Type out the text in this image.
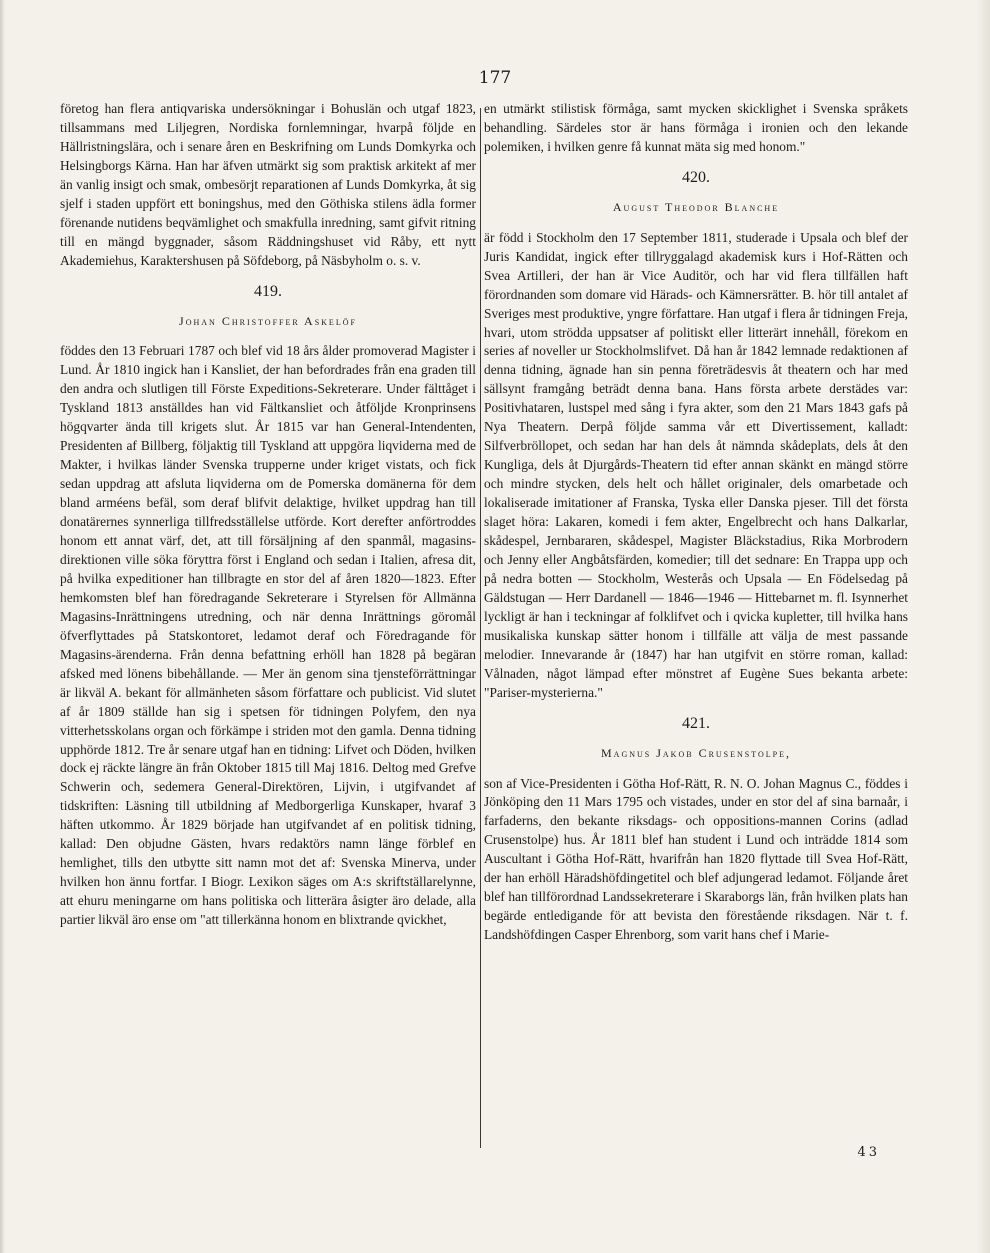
177

företog han flera antiqvariska undersökningar i Bohuslän och utgaf 1823, tillsammans med Liljegren, Nordiska fornlemningar, hvarpå följde en Hällristningslära, och i senare åren en Beskrifning om Lunds Domkyrka och Helsingborgs Kärna. Han har äfven utmärkt sig som praktisk arkitekt af mer än vanlig insigt och smak, ombesörjt reparationen af Lunds Domkyrka, åt sig sjelf i staden uppfört ett boningshus, med den Göthiska stilens ädla former förenande nutidens beqvämlighet och smakfulla inredning, samt gifvit ritning till en mängd byggnader, såsom Räddningshuset vid Råby, ett nytt Akademiehus, Karaktershusen på Söfdeborg, på Näsbyholm o. s. v.

419.
Johan Christoffer Askelöf

föddes den 13 Februari 1787 och blef vid 18 års ålder promoverad Magister i Lund. År 1810 ingick han i Kansliet, der han befordrades från ena graden till den andra och slutligen till Förste Expeditions-Sekreterare. Under fälttåget i Tyskland 1813 anställdes han vid Fältkansliet och åtföljde Kronprinsens högqvarter ända till krigets slut. År 1815 var han General-Intendenten, Presidenten af Billberg, följaktig till Tyskland att uppgöra liqviderna med de Makter, i hvilkas länder Svenska trupperne under kriget vistats, och fick sedan uppdrag att afsluta liqviderna om de Pomerska domänerna för dem bland arméens befäl, som deraf blifvit delaktige, hvilket uppdrag han till donatärernes synnerliga tillfredsställelse utförde. Kort derefter anförtroddes honom ett annat värf, det, att till försäljning af den spanmål, magasins-direktionen ville söka föryttra först i England och sedan i Italien, afresa dit, på hvilka expeditioner han tillbragte en stor del af åren 1820—1823. Efter hemkomsten blef han föredragande Sekreterare i Styrelsen för Allmänna Magasins-Inrättningens utredning, och när denna Inrättnings göromål öfverflyttades på Statskontoret, ledamot deraf och Föredragande för Magasins-ärenderna. Från denna befattning erhöll han 1828 på begäran afsked med lönens bibehållande. — Mer än genom sina tjensteförrättningar är likväl A. bekant för allmänheten såsom författare och publicist. Vid slutet af år 1809 ställde han sig i spetsen för tidningen Polyfem, den nya vitterhetsskolans organ och förkämpe i striden mot den gamla. Denna tidning upphörde 1812. Tre år senare utgaf han en tidning: Lifvet och Döden, hvilken dock ej räckte längre än från Oktober 1815 till Maj 1816. Deltog med Grefve Schwerin och, sedemera General-Direktören, Lijvin, i utgifvandet af tidskriften: Läsning till utbildning af Medborgerliga Kunskaper, hvaraf 3 häften utkommo. År 1829 började han utgifvandet af en politisk tidning, kallad: Den objudne Gästen, hvars redaktörs namn länge förblef en hemlighet, tills den utbytte sitt namn mot det af: Svenska Minerva, under hvilken hon ännu fortfar. I Biogr. Lexikon säges om A:s skriftställarelynne, att ehuru meningarne om hans politiska och litterära åsigter äro delade, alla partier likväl äro ense om "att tillerkänna honom en blixtrande qvickhet,

en utmärkt stilistisk förmåga, samt mycken skicklighet i Svenska språkets behandling. Särdeles stor är hans förmåga i ironien och den lekande polemiken, i hvilken genre få kunnat mäta sig med honom."

420.
August Theodor Blanche

är född i Stockholm den 17 September 1811, studerade i Upsala och blef der Juris Kandidat, ingick efter tillryggalagd akademisk kurs i Hof-Rätten och Svea Artilleri, der han är Vice Auditör, och har vid flera tillfällen haft förordnanden som domare vid Härads- och Kämnersrätter. B. hör till antalet af Sveriges mest produktive, yngre författare. Han utgaf i flera år tidningen Freja, hvari, utom strödda uppsatser af politiskt eller litterärt innehåll, förekom en series af noveller ur Stockholmslifvet. Då han år 1842 lemnade redaktionen af denna tidning, ägnade han sin penna företrädesvis åt theatern och har med sällsynt framgång beträdt denna bana. Hans första arbete derstädes var: Positivhataren, lustspel med sång i fyra akter, som den 21 Mars 1843 gafs på Nya Theatern. Derpå följde samma vår ett Divertissement, kalladt: Silfverbröllopet, och sedan har han dels åt nämnda skådeplats, dels åt den Kungliga, dels åt Djurgårds-Theatern tid efter annan skänkt en mängd större och mindre stycken, dels helt och hållet originaler, dels omarbetade och lokaliserade imitationer af Franska, Tyska eller Danska pjeser. Till det första slaget höra: Lakaren, komedi i fem akter, Engelbrecht och hans Dalkarlar, skådespel, Jernbararen, skådespel, Magister Bläckstadius, Rika Morbrodern och Jenny eller Angbåtsfärden, komedier; till det sednare: En Trappa upp och på nedra botten — Stockholm, Westerås och Upsala — En Födelsedag på Gäldstugan — Herr Dardanell — 1846—1946 — Hittebarnet m. fl. Isynnerhet lyckligt är han i teckningar af folklifvet och i qvicka kupletter, till hvilka hans musikaliska kunskap sätter honom i tillfälle att välja de mest passande melodier. Innevarande år (1847) har han utgifvit en större roman, kallad: Vålnaden, något lämpad efter mönstret af Eugène Sues bekanta arbete: "Pariser-mysterierna."

421.
Magnus Jakob Crusenstolpe,

son af Vice-Presidenten i Göthа Hof-Rätt, R. N. O. Johan Magnus C., föddes i Jönköping den 11 Mars 1795 och vistades, under en stor del af sina barnaår, i farfaderns, den bekante riksdags- och oppositions-mannen Corins (adlad Crusenstolpe) hus. År 1811 blef han student i Lund och inträdde 1814 som Auscultant i Götha Hof-Rätt, hvarifrån han 1820 flyttade till Svea Hof-Rätt, der han erhöll Häradshöfdingetitel och blef adjungerad ledamot. Följande året blef han tillförordnad Landssekreterare i Skaraborgs län, från hvilken plats han begärde entledigande för att bevista den förestående riksdagen. När t. f. Landshöfdingen Casper Ehrenborg, som varit hans chef i Marie-

43
